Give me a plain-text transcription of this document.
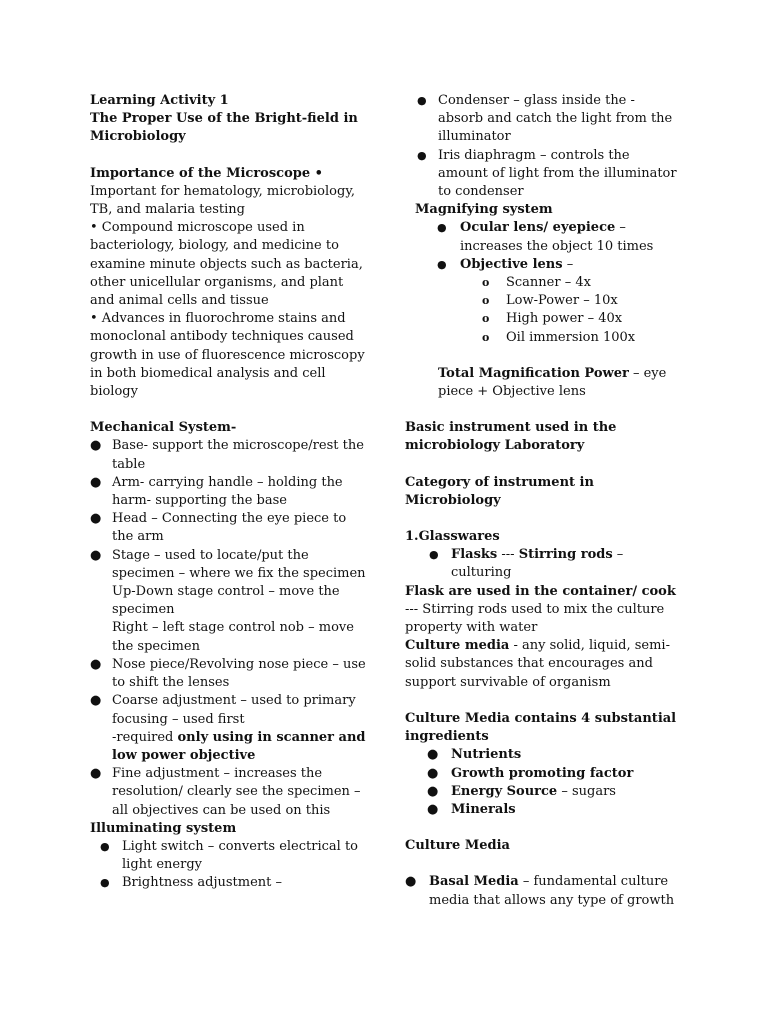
Learning Activity 1

The Proper Use of the Bright-field in Microbiology

Importance of the Microscope •

Important for hematology, microbiology, TB, and malaria testing

• Compound microscope used in bacteriology, biology, and medicine to examine minute objects such as bacteria, other unicellular organisms, and plant and animal cells and tissue

• Advances in fluorochrome stains and monoclonal antibody techniques caused growth in use of fluorescence microscopy in both biomedical analysis and cell biology

Mechanical System-

● Base- support the microscope/rest the table
● Arm- carrying handle – holding the harm- supporting the base
● Head – Connecting the eye piece to the arm
● Stage – used to locate/put the specimen – where we fix the specimen
Up-Down stage control – move the specimen
Right – left stage control nob – move the specimen
● Nose piece/Revolving nose piece – use to shift the lenses
● Coarse adjustment – used to primary focusing – used first
-required only using in scanner and low power objective
● Fine adjustment – increases the resolution/ clearly see the specimen – all objectives can be used on this

Illuminating system

● Light switch – converts electrical to light energy
● Brightness adjustment –
● Condenser – glass inside the - absorb and catch the light from the illuminator
● Iris diaphragm – controls the amount of light from the illuminator to condenser

Magnifying system

●	Ocular lens/ eyepiece – increases the object 10 times
●	Objective lens –
o	Scanner – 4x
o	Low-Power – 10x
o	High power – 40x
o	Oil immersion 100x

Total Magnification Power – eye piece + Objective lens

Basic instrument used in the microbiology Laboratory

Category of instrument in Microbiology

1.Glasswares

● Flasks --- Stirring rods – culturing

Flask are used in the container/ cook --- Stirring rods used to mix the culture property with water

Culture media - any solid, liquid, semi-solid substances that encourages and support survivable of organism

Culture Media contains 4 substantial ingredients

● Nutrients
● Growth promoting factor
● Energy Source – sugars
● Minerals

Culture Media

● Basal Media – fundamental culture media that allows any type of growth
